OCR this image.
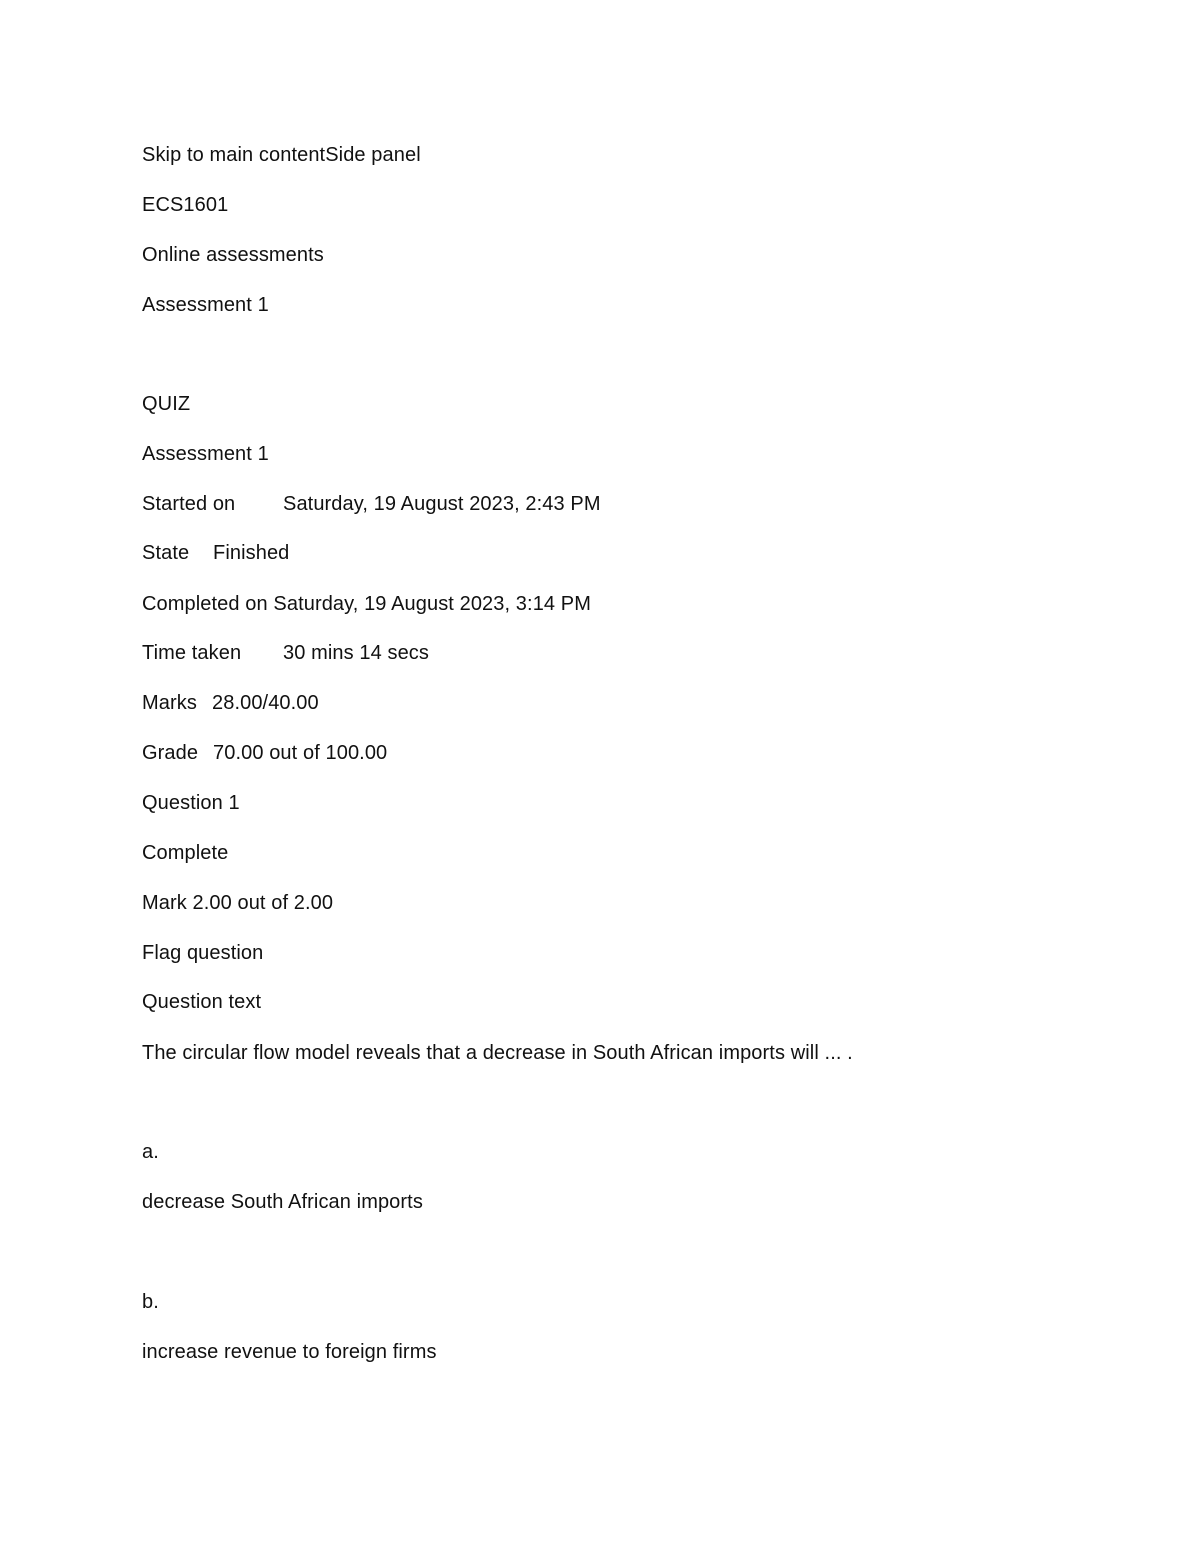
Skip to main contentSide panel
ECS1601
Online assessments
Assessment 1
QUIZ
Assessment 1
Started on Saturday, 19 August 2023, 2:43 PM
State Finished
Completed on Saturday, 19 August 2023, 3:14 PM
Time taken 30 mins 14 secs
Marks 28.00/40.00
Grade 70.00 out of 100.00
Question 1
Complete
Mark 2.00 out of 2.00
Flag question
Question text
The circular flow model reveals that a decrease in South African imports will ... .
a.
decrease South African imports
b.
increase revenue to foreign firms
